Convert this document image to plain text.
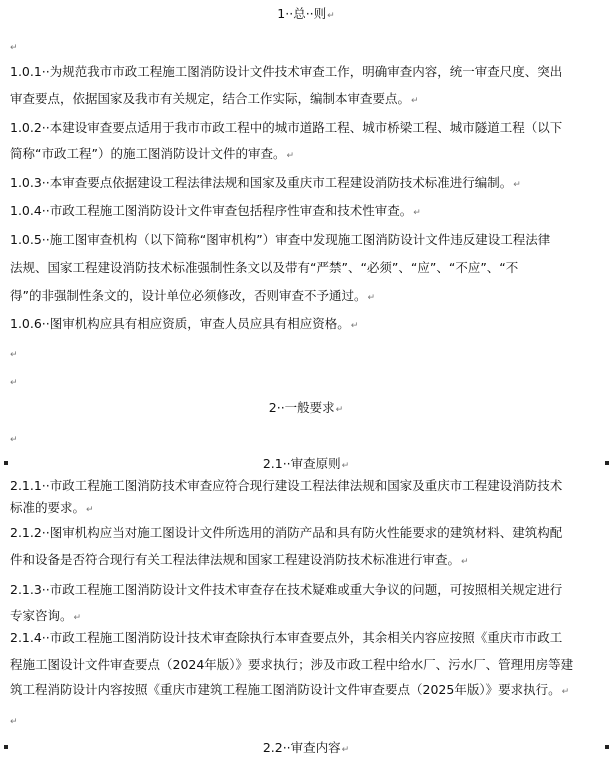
1··总··则↵
↵
1.0.1··为规范我市市政工程施工图消防设计文件技术审查工作，明确审查内容，统一审查尺度、突出
审查要点，依据国家及我市有关规定，结合工作实际，编制本审查要点。↵
1.0.2··本建设审查要点适用于我市市政工程中的城市道路工程、城市桥梁工程、城市隧道工程（以下
简称“市政工程”）的施工图消防设计文件的审查。↵
1.0.3··本审查要点依据建设工程法律法规和国家及重庆市工程建设消防技术标准进行编制。↵
1.0.4··市政工程施工图消防设计文件审查包括程序性审查和技术性审查。↵
1.0.5··施工图审查机构（以下简称“图审机构”）审查中发现施工图消防设计文件违反建设工程法律
法规、国家工程建设消防技术标准强制性条文以及带有“严禁”、“必须”、“应”、“不应”、“不
得”的非强制性条文的，设计单位必须修改，否则审查不予通过。↵
1.0.6··图审机构应具有相应资质，审查人员应具有相应资格。↵
↵
↵
2··一般要求↵
↵
2.1··审查原则↵
2.1.1··市政工程施工图消防技术审查应符合现行建设工程法律法规和国家及重庆市工程建设消防技术
标准的要求。↵
2.1.2··图审机构应当对施工图设计文件所选用的消防产品和具有防火性能要求的建筑材料、建筑构配
件和设备是否符合现行有关工程法律法规和国家工程建设消防技术标准进行审查。↵
2.1.3··市政工程施工图消防设计文件技术审查存在技术疑难或重大争议的问题，可按照相关规定进行
专家咨询。↵
2.1.4··市政工程施工图消防设计技术审查除执行本审查要点外，其余相关内容应按照《重庆市市政工
程施工图设计文件审查要点（2024年版）》要求执行；涉及市政工程中给水厂、污水厂、管理用房等建
筑工程消防设计内容按照《重庆市建筑工程施工图消防设计文件审查要点（2025年版）》要求执行。↵
↵
2.2··审查内容↵
